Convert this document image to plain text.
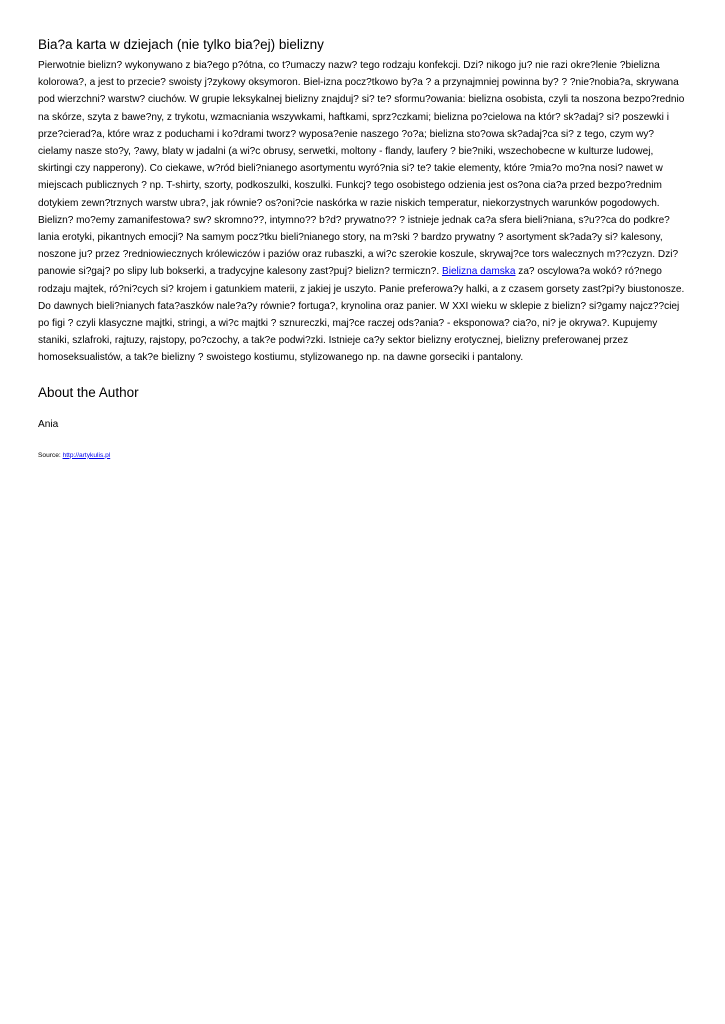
Bia?a karta w dziejach (nie tylko bia?ej) bielizny

Pierwotnie bielizn? wykonywano z bia?ego p?ótna, co t?umaczy nazw? tego rodzaju konfekcji. Dzi? nikogo ju? nie razi okre?lenie ?bielizna kolorowa?, a jest to przecie? swoisty j?zykowy oksymoron. Biel-izna pocz?tkowo by?a ? a przynajmniej powinna by? ? ?nie?nobia?a, skrywana pod wierzchni? warstw? ciuchów. W grupie leksykalnej bielizny znajduj? si? te? sformu?owania: bielizna osobista, czyli ta noszona bezpo?rednio na skórze, szyta z bawe?ny, z trykotu, wzmacniania wszywkami, haftkami, sprz?czkami; bielizna po?cielowa na któr? sk?adaj? si? poszewki i prze?cierad?a, które wraz z poduchami i ko?drami tworz? wyposa?enie naszego ?o?a; bielizna sto?owa sk?adaj?ca si? z tego, czym wy?cielamy nasze sto?y, ?awy, blaty w jadalni (a wi?c obrusy, serwetki, moltony - flandy, laufery ? bie?niki, wszechobecne w kulturze ludowej, skirtingi czy napperony). Co ciekawe, w?ród bieli?nianego asortymentu wyró?nia si? te? takie elementy, które ?mia?o mo?na nosi? nawet w miejscach publicznych ? np. T-shirty, szorty, podkoszulki, koszulki. Funkcj? tego osobistego odzienia jest os?ona cia?a przed bezpo?rednim dotykiem zewn?trznych warstw ubra?, jak równie? os?oni?cie naskórka w razie niskich temperatur, niekorzystnych warunków pogodowych. Bielizn? mo?emy zamanifestowa? sw? skromno??, intymno?? b?d? prywatno?? ? istnieje jednak ca?a sfera bieli?niana, s?u??ca do podkre?lania erotyki, pikantnych emocji? Na samym pocz?tku bieli?nianego story, na m?ski ? bardzo prywatny ? asortyment sk?ada?y si? kalesony, noszone ju? przez ?redniowiecznych królewiczów i paziów oraz rubaszki, a wi?c szerokie koszule, skrywaj?ce tors walecznych m??czyzn. Dzi? panowie si?gaj? po slipy lub bokserki, a tradycyjne kalesony zast?puj? bielizn? termiczn?. Bielizna damska za? oscylowa?a wokó? ró?nego rodzaju majtek, ró?ni?cych si? krojem i gatunkiem materii, z jakiej je uszyto. Panie preferowa?y halki, a z czasem gorsety zast?pi?y biustonosze. Do dawnych bieli?nianych fata?aszków nale?a?y równie? fortuga?, krynolina oraz panier. W XXI wieku w sklepie z bielizn? si?gamy najcz??ciej po figi ? czyli klasyczne majtki, stringi, a wi?c majtki ? sznureczki, maj?ce raczej ods?ania? - eksponowa? cia?o, ni? je okrywa?. Kupujemy staniki, szlafroki, rajtuzy, rajstopy, po?czochy, a tak?e podwi?zki. Istnieje ca?y sektor bielizny erotycznej, bielizny preferowanej przez homoseksualistów, a tak?e bielizny ? swoistego kostiumu, stylizowanego np. na dawne gorseciki i pantalony.

About the Author

Ania

Source: http://artykulis.pl
